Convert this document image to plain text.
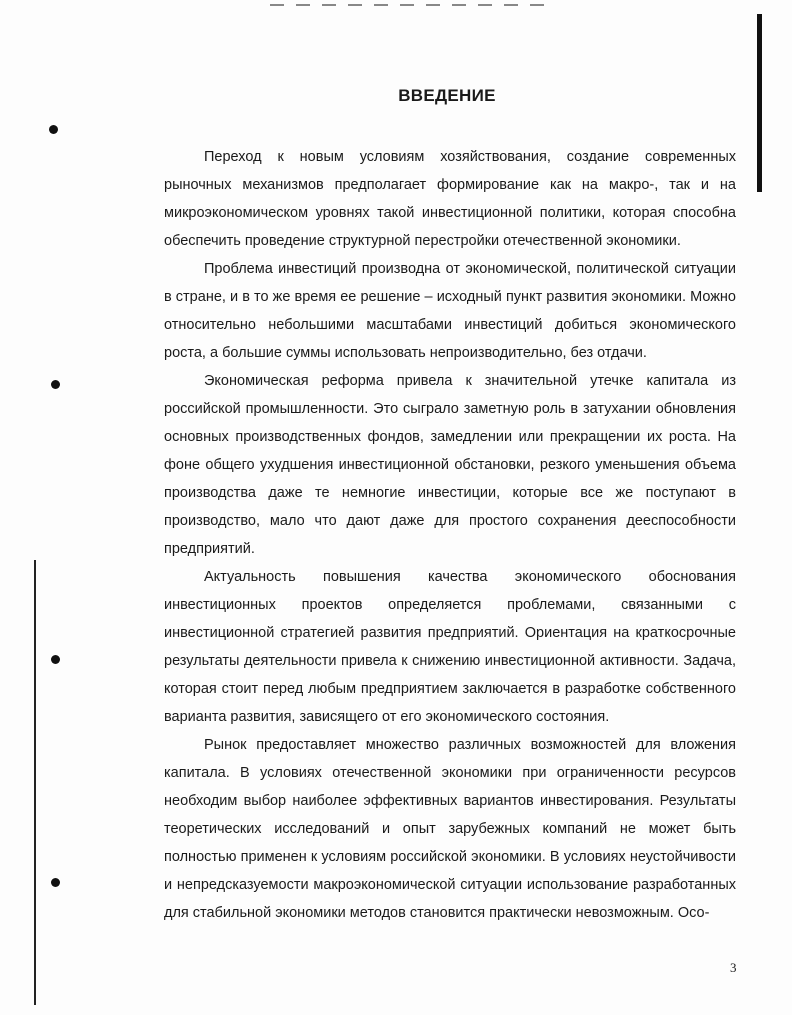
ВВЕДЕНИЕ

Переход к новым условиям хозяйствования, создание современных рыночных механизмов предполагает формирование как на макро-, так и на микроэкономическом уровнях такой инвестиционной политики, которая способна обеспечить проведение структурной перестройки отечественной экономики.

Проблема инвестиций производна от экономической, политической ситуации в стране, и в то же время ее решение – исходный пункт развития экономики. Можно относительно небольшими масштабами инвестиций добиться экономического роста, а большие суммы использовать непроизводительно, без отдачи.

Экономическая реформа привела к значительной утечке капитала из российской промышленности. Это сыграло заметную роль в затухании обновления основных производственных фондов, замедлении или прекращении их роста. На фоне общего ухудшения инвестиционной обстановки, резкого уменьшения объема производства даже те немногие инвестиции, которые все же поступают в производство, мало что дают даже для простого сохранения дееспособности предприятий.

Актуальность повышения качества экономического обоснования инвестиционных проектов определяется проблемами, связанными с инвестиционной стратегией развития предприятий. Ориентация на краткосрочные результаты деятельности привела к снижению инвестиционной активности. Задача, которая стоит перед любым предприятием заключается в разработке собственного варианта развития, зависящего от его экономического состояния.

Рынок предоставляет множество различных возможностей для вложения капитала. В условиях отечественной экономики при ограниченности ресурсов необходим выбор наиболее эффективных вариантов инвестирования. Результаты теоретических исследований и опыт зарубежных компаний не может быть полностью применен к условиям российской экономики. В условиях неустойчивости и непредсказуемости макроэкономической ситуации использование разработанных для стабильной экономики методов становится практически невозможным. Осо-

3
